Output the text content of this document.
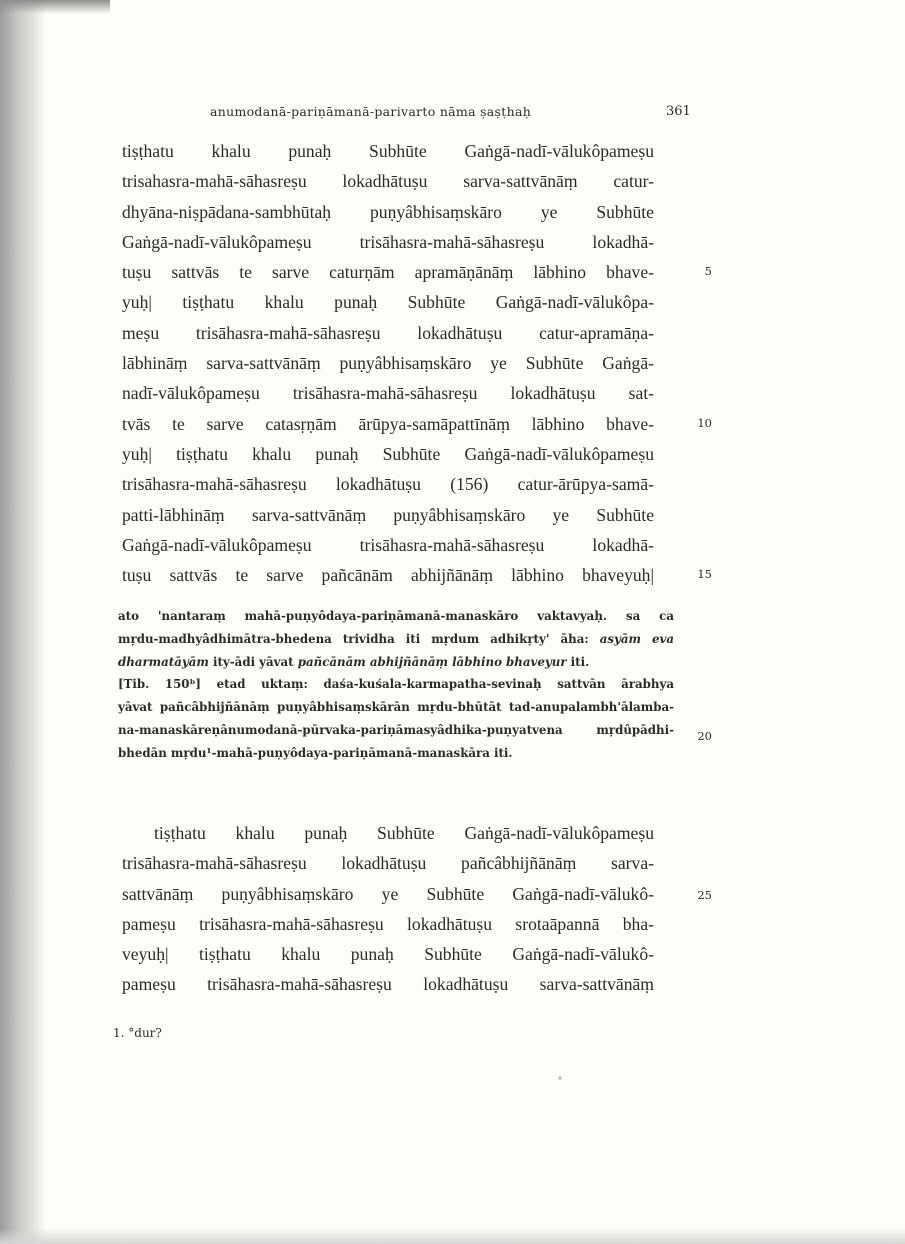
anumodanā-pariṇāmanā-parivarto nāma ṣaṣṭhaḥ	361
tiṣṭhatu khalu punaḥ Subhūte Gaṅgā-nadī-vālukôpameṣu
trisahasra-mahā-sāhasreṣu lokadhātuṣu sarva-sattvānāṃ catur-
dhyāna-niṣpādana-sambhūtaḥ puṇyâbhisaṃskāro ye Subhūte
Gaṅgā-nadī-vālukôpameṣu trisāhasra-mahā-sāhasreṣu lokadhā-
tuṣu sattvās te sarve caturṇām apramāṇānāṃ lābhino bhave-
yuḥ| tiṣṭhatu khalu punaḥ Subhūte Gaṅgā-nadī-vālukôpa-
meṣu trisāhasra-mahā-sāhasreṣu lokadhātuṣu catur-apramāṇa-
lābhināṃ sarva-sattvānāṃ puṇyâbhisaṃskāro ye Subhūte Gaṅgā-
nadī-vālukôpameṣu trisāhasra-mahā-sāhasreṣu lokadhātuṣu sat-
tvās te sarve catasṛṇām ārūpya-samāpattīnāṃ lābhino bhave-
yuḥ| tiṣṭhatu khalu punaḥ Subhūte Gaṅgā-nadī-vālukôpameṣu
trisāhasra-mahā-sāhasreṣu lokadhātuṣu (156) catur-ārūpya-samā-
patti-lābhināṃ sarva-sattvānāṃ puṇyâbhisaṃskāro ye Subhūte
Gaṅgā-nadī-vālukôpameṣu trisāhasra-mahā-sāhasreṣu lokadhā-
tuṣu sattvās te sarve pañcānām abhijñānāṃ lābhino bhaveyuḥ|
ato 'nantaraṃ mahā-puṇyôdaya-pariṇāmanā-manaskāro vaktavyaḥ. sa ca
mṛdu-madhyâdhimātra-bhedena trividha iti mṛdum adhikṛty' āha: asyām eva
dharmatāyām ity-ādi yāvat pañcānām abhijñānāṃ lābhino bhaveyur iti.
[Tib. 150ᵇ] etad uktaṃ: daśa-kuśala-karmapatha-sevinaḥ sattvān ārabhya
yāvat pañcâbhijñānāṃ puṇyâbhisaṃskārān mṛdu-bhūtāt tad-anupalambh'ālamba-
na-manaskāreṇânumodanā-pūrvaka-pariṇāmasyâdhika-puṇyatvena mṛdûpādhi-
bhedān mṛdu¹-mahā-puṇyôdaya-pariṇāmanā-manaskāra iti.
tiṣṭhatu khalu punaḥ Subhūte Gaṅgā-nadī-vālukôpameṣu
trisāhasra-mahā-sāhasreṣu lokadhātuṣu pañcâbhijñānāṃ sarva-
sattvānāṃ puṇyâbhisaṃskāro ye Subhūte Gaṅgā-nadī-vālukô-
pameṣu trisāhasra-mahā-sāhasreṣu lokadhātuṣu srotaāpannā bha-
veyuḥ| tiṣṭhatu khalu punaḥ Subhūte Gaṅgā-nadī-vālukô-
pameṣu trisāhasra-mahā-sāhasreṣu lokadhātuṣu sarva-sattvānāṃ
5
10
15
20
25
1. °dur?
